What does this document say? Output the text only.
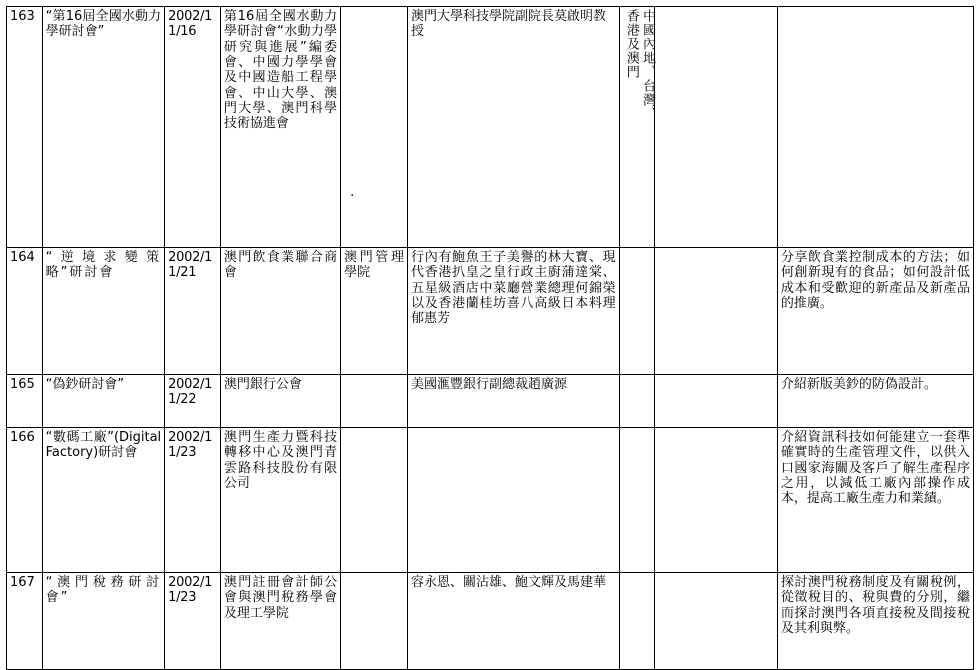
163	“第16屆全國水動力學研討會”	2002/11/16	第16屆全國水動力學研討會“水動力學研究與進展”編委會、中國力學學會及中國造船工程學會、中山大學、澳門大學、澳門科學技術協進會	.	澳門大學科技學院副院長莫啟明教授	中國內地、台灣、香港及澳門		
164	“逆境求變策略”研討會	2002/11/21	澳門飲食業聯合商會	澳門管理學院	行內有鮑魚王子美譽的林大寶、現代香港扒皇之皇行政主廚蒲達棠、五星級酒店中菜廳營業總理何錦榮以及香港蘭桂坊喜八高級日本料理郁惠芳			分享飲食業控制成本的方法；如何創新現有的食品；如何設計低成本和受歡迎的新產品及新產品的推廣。
165	“偽鈔研討會”	2002/11/22	澳門銀行公會		美國滙豐銀行副總裁趙廣源			介紹新版美鈔的防偽設計。
166	“數碼工廠”(Digital Factory)研討會	2002/11/23	澳門生產力暨科技轉移中心及澳門青雲路科技股份有限公司					介紹資訊科技如何能建立一套準確實時的生產管理文件，以供入口國家海關及客戶了解生產程序之用，以減低工廠內部操作成本，提高工廠生產力和業績。
167	“澳門稅務研討會”	2002/11/23	澳門註冊會計師公會與澳門稅務學會及理工學院		容永恩、關沾雄、鮑文輝及馬建華			探討澳門稅務制度及有關稅例，從徵稅目的、稅與費的分別，繼而探討澳門各項直接稅及間接稅及其利與弊。
